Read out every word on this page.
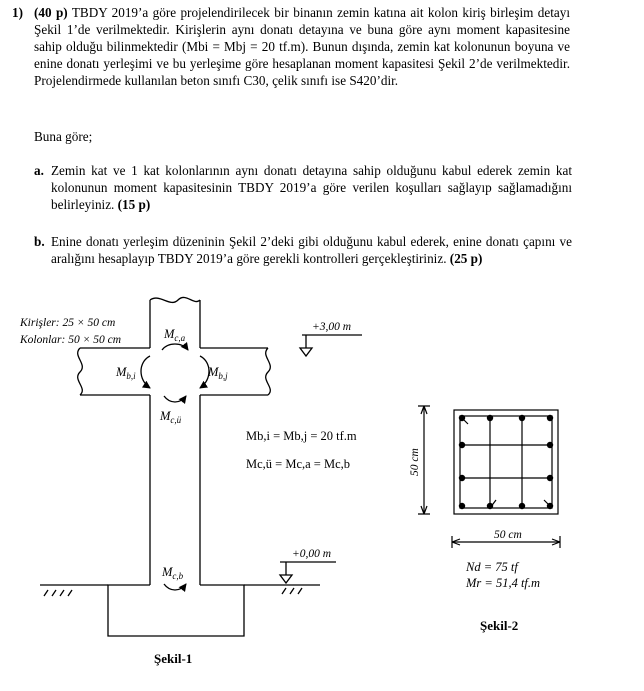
1) (40 p) TBDY 2019’a göre projelendirilecek bir binanın zemin katına ait kolon kiriş birleşim detayı Şekil 1’de verilmektedir. Kirişlerin aynı donatı detayına ve buna göre aynı moment kapasitesine sahip olduğu bilinmektedir (Mbi = Mbj = 20 tf.m). Bunun dışında, zemin kat kolonunun boyuna ve enine donatı yerleşimi ve bu yerleşime göre hesaplanan moment kapasitesi Şekil 2’de verilmektedir. Projelendirmede kullanılan beton sınıfı C30, çelik sınıfı ise S420’dir.
Buna göre;
a. Zemin kat ve 1 kat kolonlarının aynı donatı detayına sahip olduğunu kabul ederek zemin kat kolonunun moment kapasitesinin TBDY 2019’a göre verilen koşulları sağlayıp sağlamadığını belirleyiniz. (15 p)
b. Enine donatı yerleşim düzeninin Şekil 2’deki gibi olduğunu kabul ederek, enine donatı çapını ve aralığını hesaplayıp TBDY 2019’a göre gerekli kontrolleri gerçekleştiriniz. (25 p)
Kirişler: 25 × 50 cm
Kolonlar: 50 × 50 cm
+3,00 m
+0,00 m
$M_{c,a}$
$M_{b,i}$	$M_{b,j}$
$M_{c,ü}$
$M_{c,b}$
Mb,i = Mb,j = 20 tf.m
Mc,ü = Mc,a = Mc,b
Şekil-1
50 cm
50 cm
Nd = 75 tf
Mr = 51,4 tf.m
Şekil-2
